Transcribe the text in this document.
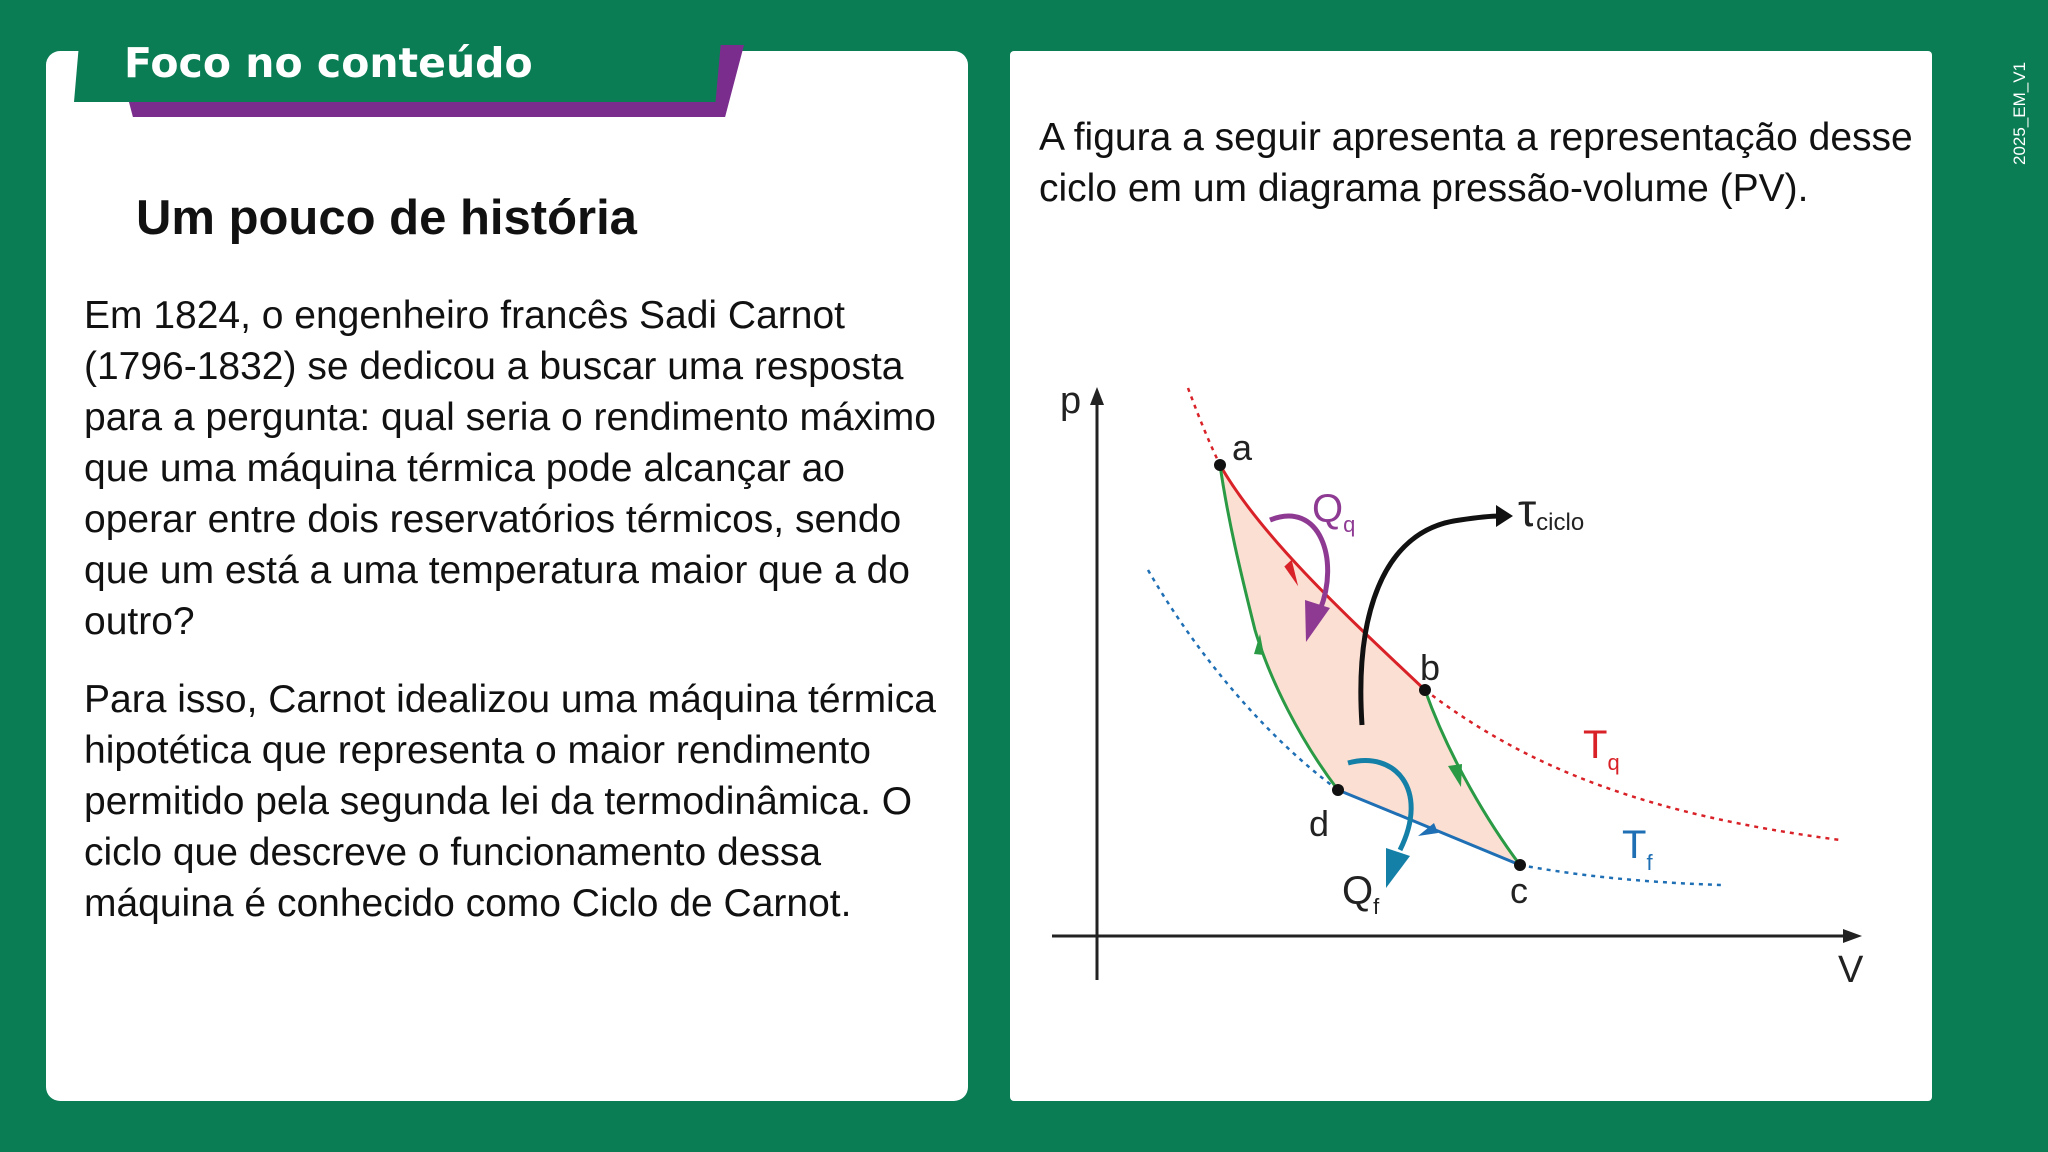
Foco no conteúdo
Um pouco de história
Em 1824, o engenheiro francês Sadi Carnot (1796-1832) se dedicou a buscar uma resposta para a pergunta: qual seria o rendimento máximo que uma máquina térmica pode alcançar ao operar entre dois reservatórios térmicos, sendo que um está a uma temperatura maior que a do outro?
Para isso, Carnot idealizou uma máquina térmica hipotética que representa o maior rendimento permitido pela segunda lei da termodinâmica. O ciclo que descreve o funcionamento dessa máquina é conhecido como Ciclo de Carnot.
A figura a seguir apresenta a representação desse ciclo em um diagrama pressão-volume (PV).
2025_EM_V1
p
V
a
b
c
d
$Q_q$
$Q_f$
τciclo
$T_q$
$T_f$
